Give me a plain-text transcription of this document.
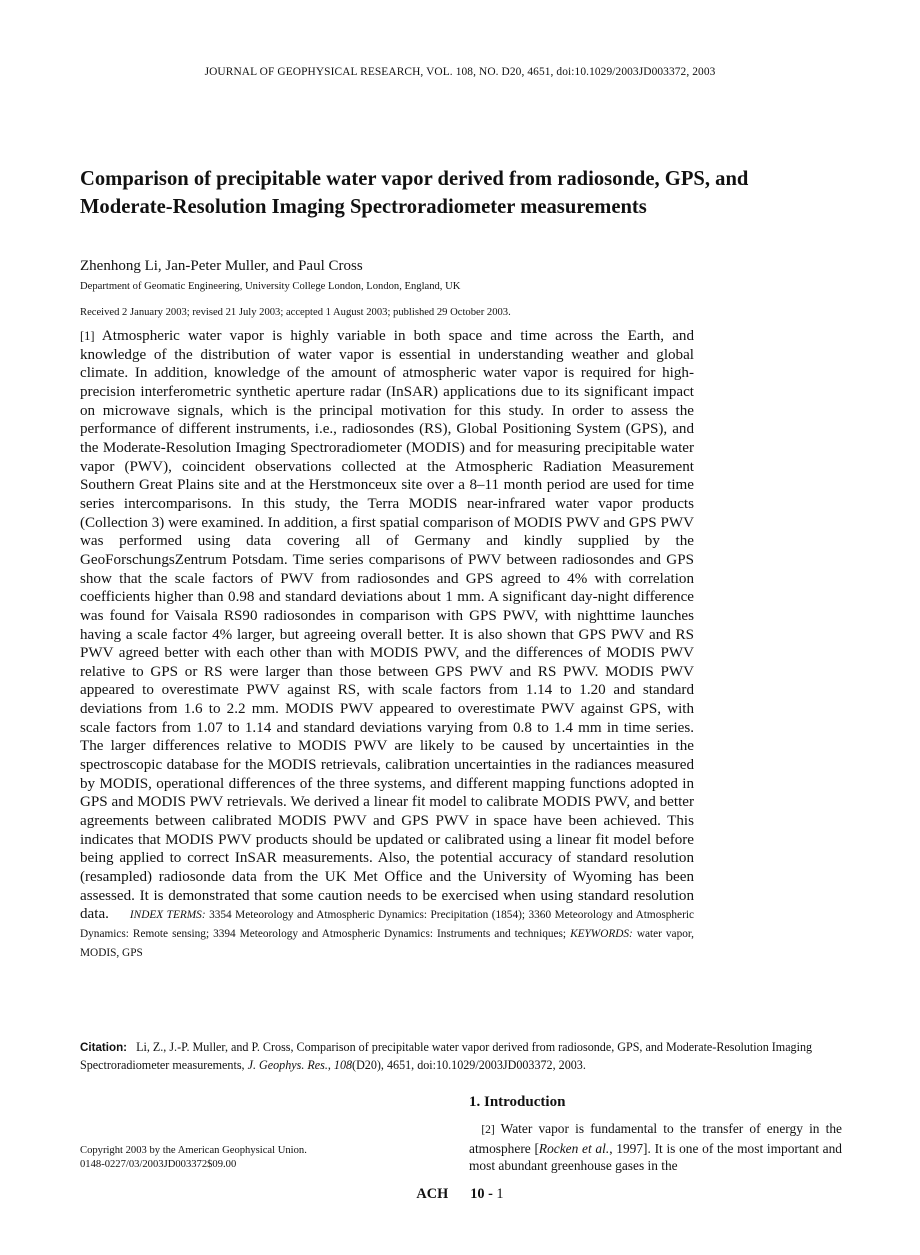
JOURNAL OF GEOPHYSICAL RESEARCH, VOL. 108, NO. D20, 4651, doi:10.1029/2003JD003372, 2003
Comparison of precipitable water vapor derived from radiosonde, GPS, and Moderate-Resolution Imaging Spectroradiometer measurements
Zhenhong Li, Jan-Peter Muller, and Paul Cross
Department of Geomatic Engineering, University College London, London, England, UK
Received 2 January 2003; revised 21 July 2003; accepted 1 August 2003; published 29 October 2003.
[1] Atmospheric water vapor is highly variable in both space and time across the Earth, and knowledge of the distribution of water vapor is essential in understanding weather and global climate. In addition, knowledge of the amount of atmospheric water vapor is required for high-precision interferometric synthetic aperture radar (InSAR) applications due to its significant impact on microwave signals, which is the principal motivation for this study. In order to assess the performance of different instruments, i.e., radiosondes (RS), Global Positioning System (GPS), and the Moderate-Resolution Imaging Spectroradiometer (MODIS) and for measuring precipitable water vapor (PWV), coincident observations collected at the Atmospheric Radiation Measurement Southern Great Plains site and at the Herstmonceux site over a 8–11 month period are used for time series intercomparisons. In this study, the Terra MODIS near-infrared water vapor products (Collection 3) were examined. In addition, a first spatial comparison of MODIS PWV and GPS PWV was performed using data covering all of Germany and kindly supplied by the GeoForschungsZentrum Potsdam. Time series comparisons of PWV between radiosondes and GPS show that the scale factors of PWV from radiosondes and GPS agreed to 4% with correlation coefficients higher than 0.98 and standard deviations about 1 mm. A significant day-night difference was found for Vaisala RS90 radiosondes in comparison with GPS PWV, with nighttime launches having a scale factor 4% larger, but agreeing overall better. It is also shown that GPS PWV and RS PWV agreed better with each other than with MODIS PWV, and the differences of MODIS PWV relative to GPS or RS were larger than those between GPS PWV and RS PWV. MODIS PWV appeared to overestimate PWV against RS, with scale factors from 1.14 to 1.20 and standard deviations from 1.6 to 2.2 mm. MODIS PWV appeared to overestimate PWV against GPS, with scale factors from 1.07 to 1.14 and standard deviations varying from 0.8 to 1.4 mm in time series. The larger differences relative to MODIS PWV are likely to be caused by uncertainties in the spectroscopic database for the MODIS retrievals, calibration uncertainties in the radiances measured by MODIS, operational differences of the three systems, and different mapping functions adopted in GPS and MODIS PWV retrievals. We derived a linear fit model to calibrate MODIS PWV, and better agreements between calibrated MODIS PWV and GPS PWV in space have been achieved. This indicates that MODIS PWV products should be updated or calibrated using a linear fit model before being applied to correct InSAR measurements. Also, the potential accuracy of standard resolution (resampled) radiosonde data from the UK Met Office and the University of Wyoming has been assessed. It is demonstrated that some caution needs to be exercised when using standard resolution data. INDEX TERMS: 3354 Meteorology and Atmospheric Dynamics: Precipitation (1854); 3360 Meteorology and Atmospheric Dynamics: Remote sensing; 3394 Meteorology and Atmospheric Dynamics: Instruments and techniques; KEYWORDS: water vapor, MODIS, GPS
Citation: Li, Z., J.-P. Muller, and P. Cross, Comparison of precipitable water vapor derived from radiosonde, GPS, and Moderate-Resolution Imaging Spectroradiometer measurements, J. Geophys. Res., 108(D20), 4651, doi:10.1029/2003JD003372, 2003.
1. Introduction
[2] Water vapor is fundamental to the transfer of energy in the atmosphere [Rocken et al., 1997]. It is one of the most important and most abundant greenhouse gases in the
Copyright 2003 by the American Geophysical Union.
0148-0227/03/2003JD003372$09.00
ACH 10 - 1
